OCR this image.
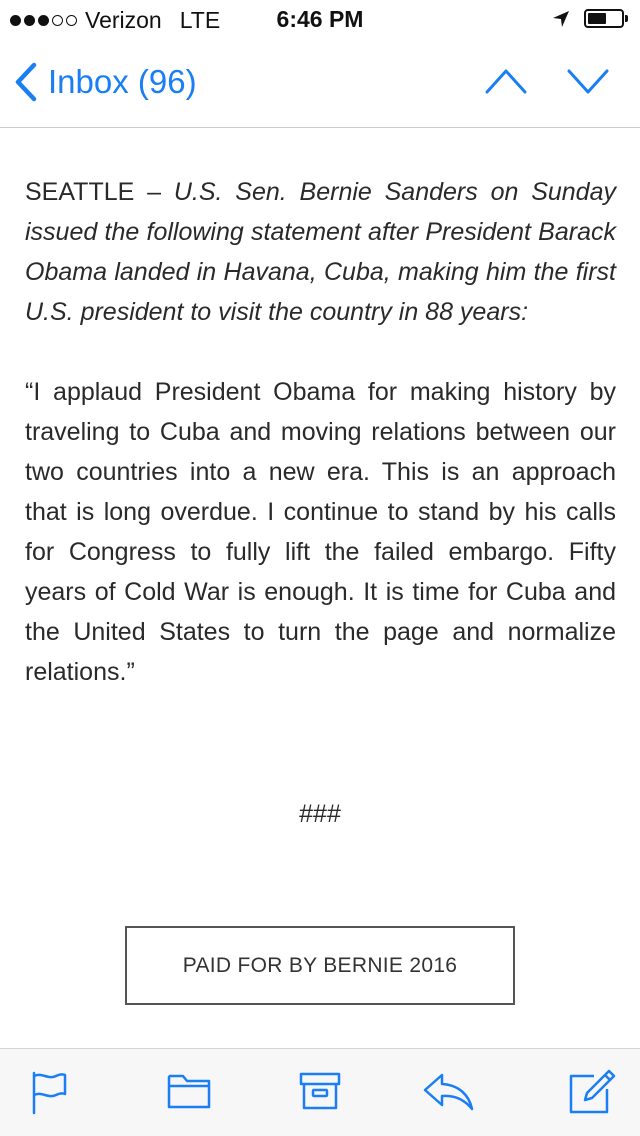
Verizon LTE	6:46 PM
Inbox (96)

SEATTLE – U.S. Sen. Bernie Sanders on Sunday issued the following statement after President Barack Obama landed in Havana, Cuba, making him the first U.S. president to visit the country in 88 years:

“I applaud President Obama for making history by traveling to Cuba and moving relations between our two countries into a new era. This is an approach that is long overdue. I continue to stand by his calls for Congress to fully lift the failed embargo. Fifty years of Cold War is enough. It is time for Cuba and the United States to turn the page and normalize relations.”

###
PAID FOR BY BERNIE 2016
